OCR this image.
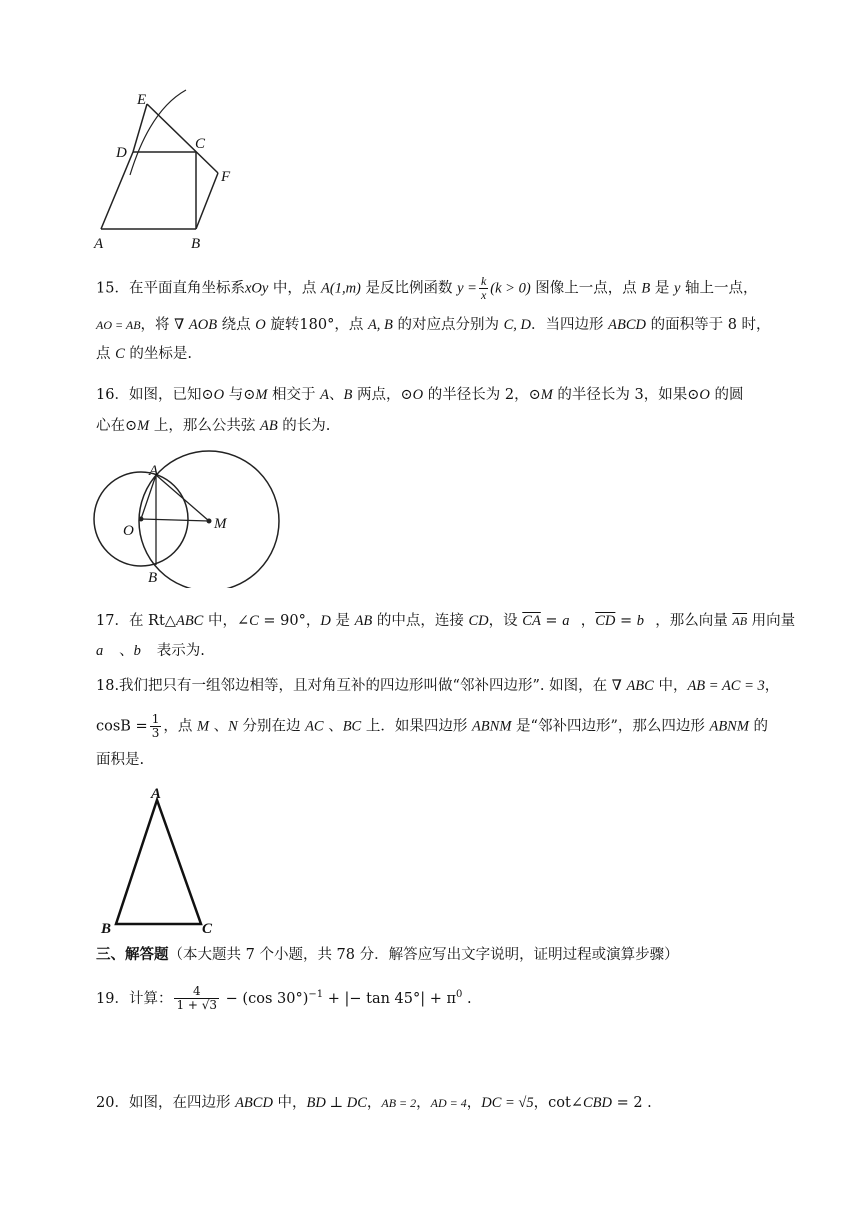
E
D
C
F
A	B
15．在平面直角坐标系xOy 中，点 A(1,m) 是反比例函数 $y = \frac{k}{x} (k > 0)$ 图像上一点，点 B 是 y 轴上一点，
AO = AB，将 ∇ AOB 绕点 O 旋转180°，点 A, B 的对应点分别为 C, D．当四边形 ABCD 的面积等于 8 时，
点 C 的坐标是.
16．如图，已知⊙O 与⊙M 相交于 A、B 两点，⊙O 的半径长为 2，⊙M 的半径长为 3，如果⊙O 的圆
心在⊙M 上，那么公共弦 AB 的长为.
A
O	M
B
17．在 Rt△ABC 中，∠C = 90°，D 是 AB 的中点，连接 CD，设 $\overline{CA}$ = a⃗，$\overline{CD}$ = b⃗，那么向量 $\overline{AB}$ 用向量
a⃗ 、b⃗ 表示为.
18.我们把只有一组邻边相等，且对角互补的四边形叫做“邻补四边形”. 如图，在 ∇ ABC 中，AB = AC = 3，
$\cos B = \frac{1}{3}$ ，点 M 、N 分别在边 AC 、BC 上．如果四边形 ABNM 是“邻补四边形”，那么四边形 ABNM 的
面积是.
A
B	C
三、解答题（本大题共 7 个小题，共 78 分．解答应写出文字说明，证明过程或演算步骤）
19．计算： $\frac{4}{1 + √3} - (\cos$ 30°)$^{-1}$ + |− $\tan 45^\circ| + \pi^0$ .
20．如图，在四边形 ABCD 中，BD ⊥ DC，AB = 2，AD = 4，DC = √5，cot∠CBD = 2 .
